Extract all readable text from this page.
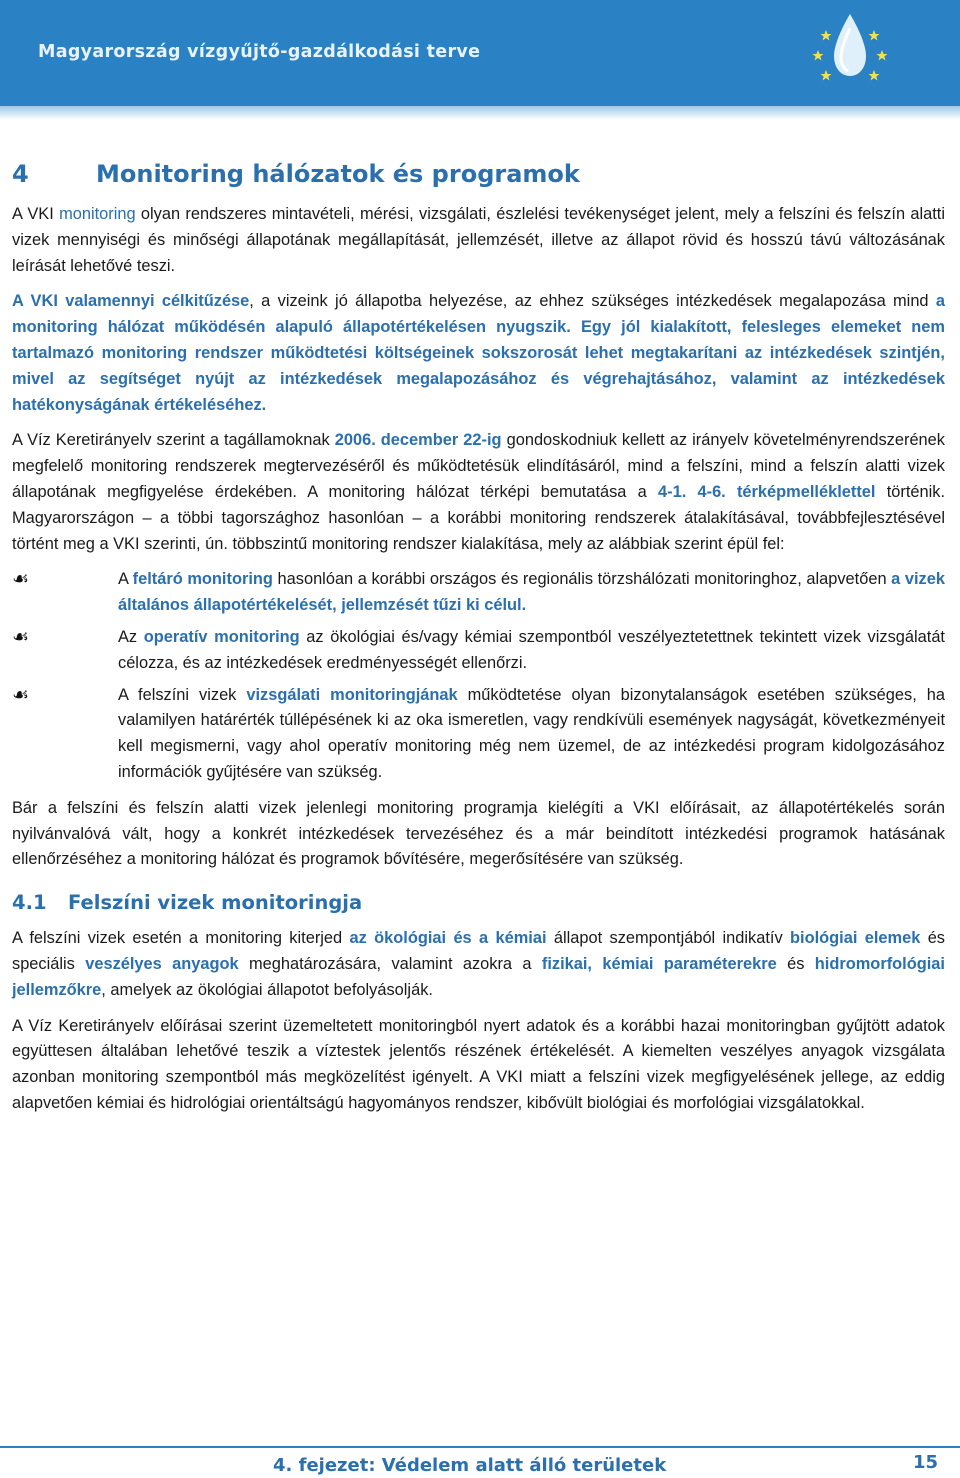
Magyarország vízgyűjtő-gazdálkodási terve
4	Monitoring hálózatok és programok

A VKI monitoring olyan rendszeres mintavételi, mérési, vizsgálati, észlelési tevékenységet jelent, mely a felszíni és felszín alatti vizek mennyiségi és minőségi állapotának megállapítását, jellemzését, illetve az állapot rövid és hosszú távú változásának leírását lehetővé teszi.

A VKI valamennyi célkitűzése, a vizeink jó állapotba helyezése, az ehhez szükséges intézkedések megalapozása mind a monitoring hálózat működésén alapuló állapotértékelésen nyugszik. Egy jól kialakított, felesleges elemeket nem tartalmazó monitoring rendszer működtetési költségeinek sokszorosát lehet megtakarítani az intézkedések szintjén, mivel az segítséget nyújt az intézkedések megalapozásához és végrehajtásához, valamint az intézkedések hatékonyságának értékeléséhez.

A Víz Keretirányelv szerint a tagállamoknak 2006. december 22-ig gondoskodniuk kellett az irányelv követelményrendszerének megfelelő monitoring rendszerek megtervezéséről és működtetésük elindításáról, mind a felszíni, mind a felszín alatti vizek állapotának megfigyelése érdekében. A monitoring hálózat térképi bemutatása a 4-1. 4-6. térképmelléklettel történik. Magyarországon – a többi tagországhoz hasonlóan – a korábbi monitoring rendszerek átalakításával, továbbfejlesztésével történt meg a VKI szerinti, ún. többszintű monitoring rendszer kialakítása, mely az alábbiak szerint épül fel:

☙	A feltáró monitoring hasonlóan a korábbi országos és regionális törzshálózati monitoringhoz, alapvetően a vizek általános állapotértékelését, jellemzését tűzi ki célul.
☙	Az operatív monitoring az ökológiai és/vagy kémiai szempontból veszélyeztetettnek tekintett vizek vizsgálatát célozza, és az intézkedések eredményességét ellenőrzi.
☙	A felszíni vizek vizsgálati monitoringjának működtetése olyan bizonytalanságok esetében szükséges, ha valamilyen határérték túllépésének ki az oka ismeretlen, vagy rendkívüli események nagyságát, következményeit kell megismerni, vagy ahol operatív monitoring még nem üzemel, de az intézkedési program kidolgozásához információk gyűjtésére van szükség.

Bár a felszíni és felszín alatti vizek jelenlegi monitoring programja kielégíti a VKI előírásait, az állapotértékelés során nyilvánvalóvá vált, hogy a konkrét intézkedések tervezéséhez és a már beindított intézkedési programok hatásának ellenőrzéséhez a monitoring hálózat és programok bővítésére, megerősítésére van szükség.

4.1	Felszíni vizek monitoringja

A felszíni vizek esetén a monitoring kiterjed az ökológiai és a kémiai állapot szempontjából indikatív biológiai elemek és speciális veszélyes anyagok meghatározására, valamint azokra a fizikai, kémiai paraméterekre és hidromorfológiai jellemzőkre, amelyek az ökológiai állapotot befolyásolják.

A Víz Keretirányelv előírásai szerint üzemeltetett monitoringból nyert adatok és a korábbi hazai monitoringban gyűjtött adatok együttesen általában lehetővé teszik a víztestek jelentős részének értékelését. A kiemelten veszélyes anyagok vizsgálata azonban monitoring szempontból más megközelítést igényelt. A VKI miatt a felszíni vizek megfigyelésének jellege, az eddig alapvetően kémiai és hidrológiai orientáltságú hagyományos rendszer, kibővült biológiai és morfológiai vizsgálatokkal.

4. fejezet: Védelem alatt álló területek	15
